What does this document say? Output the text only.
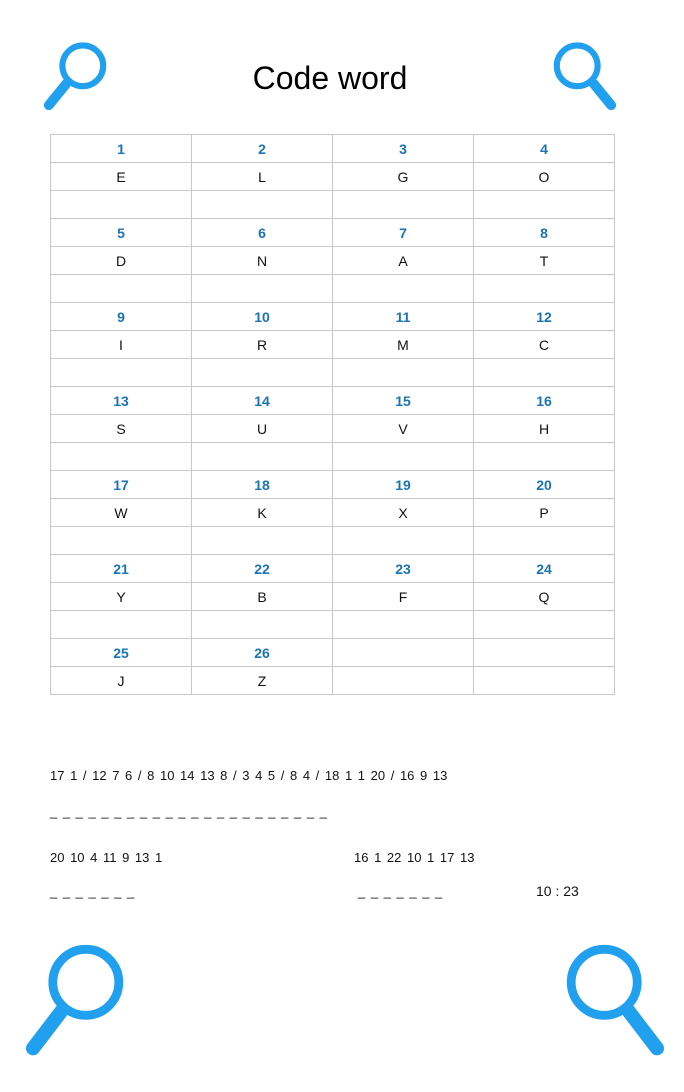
Code word
1	2	3	4
E	L	G	O

5	6	7	8
D	N	A	T

9	10	11	12
I	R	M	C

13	14	15	16
S	U	V	H

17	18	19	20
W	K	X	P

21	22	23	24
Y	B	F	Q

25	26		
J	Z		
17 1 / 12 7 6 / 8 10 14 13 8 / 3 4 5 / 8 4 / 18 1 1 20 / 16 9 13
_ _ _ _ _ _ _ _ _ _ _ _ _ _ _ _ _ _ _ _ _ _
20 10 4 11 9 13 1
_ _ _ _ _ _ _
16 1 22 10 1 17 13
_ _ _ _ _ _ _	10 : 23
